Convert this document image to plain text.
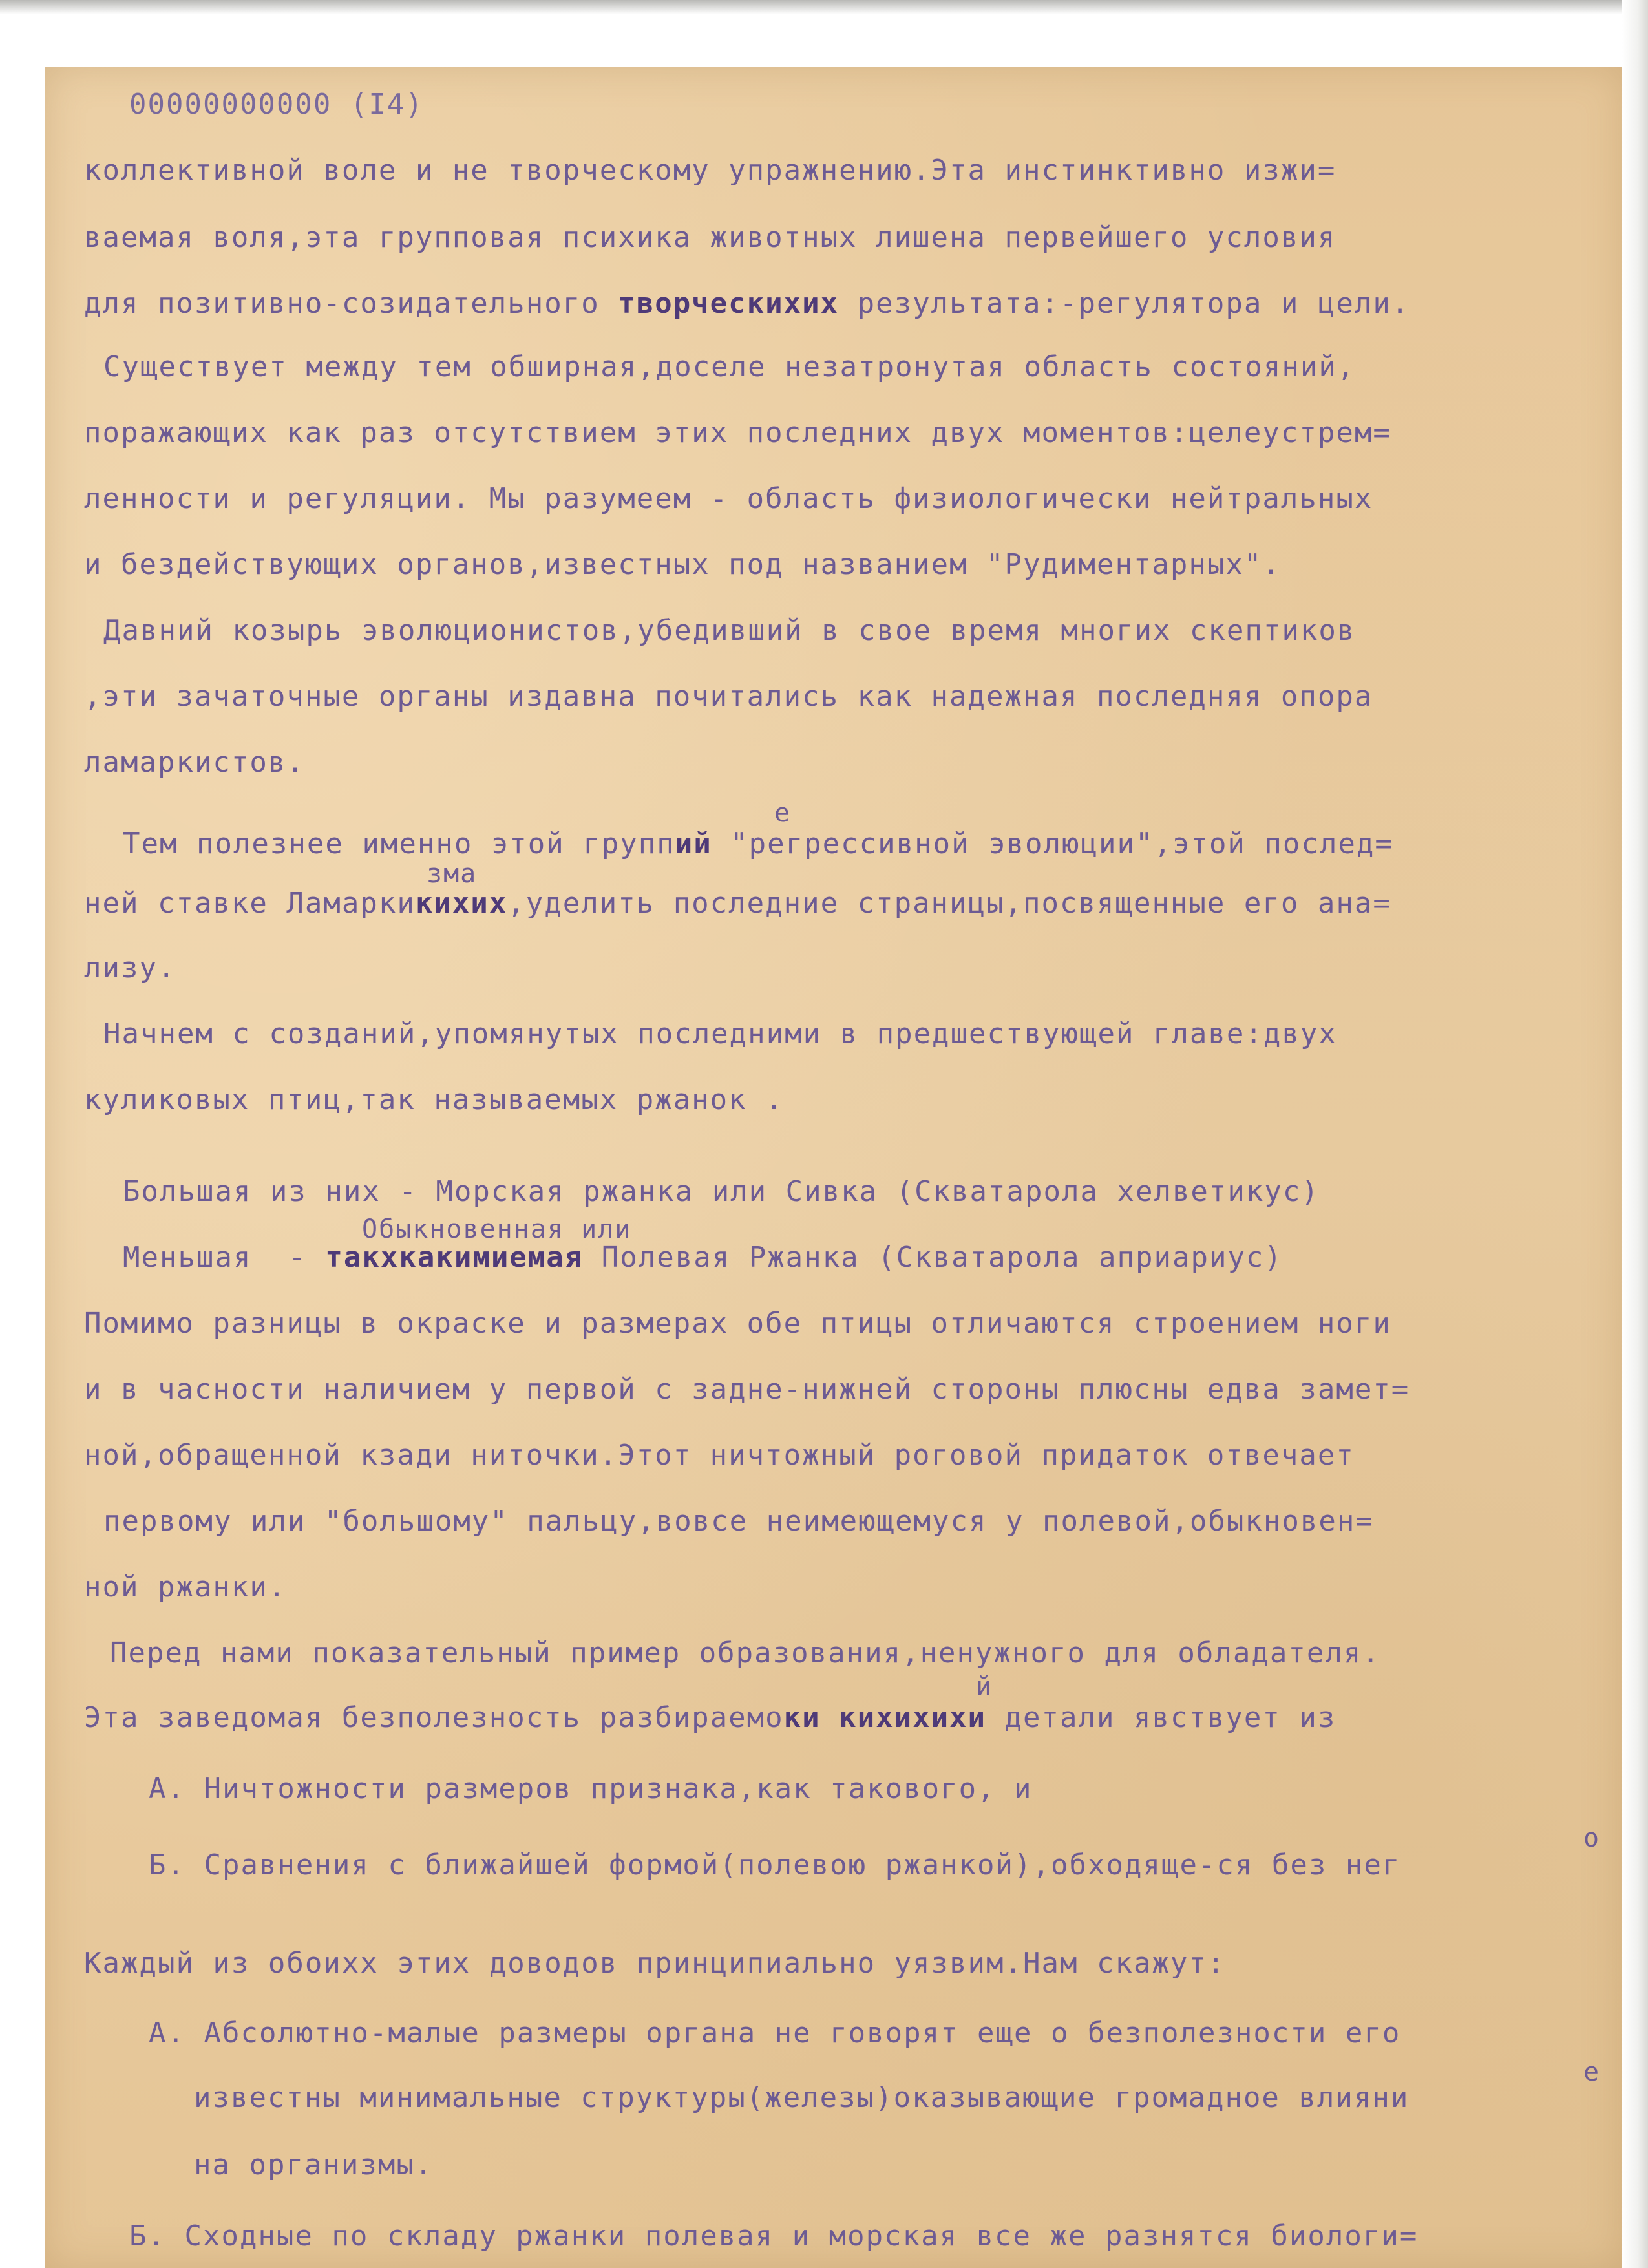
00000000000 (I4)
коллективной воле и не творческому упражнению.Эта инстинктивно изжи=
ваемая воля,эта групповая психика животных лишена первейшего условия
для позитивно-созидательного творческихих результата:-регулятора и цели.
Существует между тем обширная,доселе незатронутая область состояний,
поражающих как раз отсутствием этих последних двух моментов:целеустрем=
ленности и регуляции. Мы разумеем - область физиологически нейтральных
и бездействующих органов,известных под названием "Рудиментарных".
Давний козырь эволюционистов,убедивший в свое время многих скептиков
,эти зачаточные органы издавна почитались как надежная последняя опора
ламаркистов.
е
Тем полезнее именно этой группий "регрессивной эволюции",этой послед=
зма
ней ставке Ламаркикихих,уделить последние страницы,посвященные его ана=
лизу.
Начнем с созданий,упомянутых последними в предшествующей главе:двух
куликовых птиц,так называемых ржанок .
Большая из них - Морская ржанка или Сивка (Скватарола хелветикус)
Обыкновенная или
Меньшая  - такхкакимиемая Полевая Ржанка (Скватарола априариус)
Помимо разницы в окраске и размерах обе птицы отличаются строением ноги
и в часности наличием у первой с задне-нижней стороны плюсны едва замет=
ной,обращенной кзади ниточки.Этот ничтожный роговой придаток отвечает
первому или "большому" пальцу,вовсе неимеющемуся у полевой,обыкновен=
ной ржанки.
Перед нами показательный пример образования,ненужного для обладателя.
й
Эта заведомая безполезность разбираемоки кихихихи детали явствует из
А. Ничтожности размеров признака,как таковогo, и
о
Б. Сравнения с ближайшей формой(полевою ржанкой),обходяще-ся без нег
Каждый из обоихх этих доводов принципиально уязвим.Нам скажут:
А. Абсолютно-малые размеры органа не говорят еще о безполезности его
е
известны минимальные структуры(железы)оказывающие громадное влияни
на организмы.
Б. Сходные по складу ржанки полевая и морская все же разнятся биологи=
